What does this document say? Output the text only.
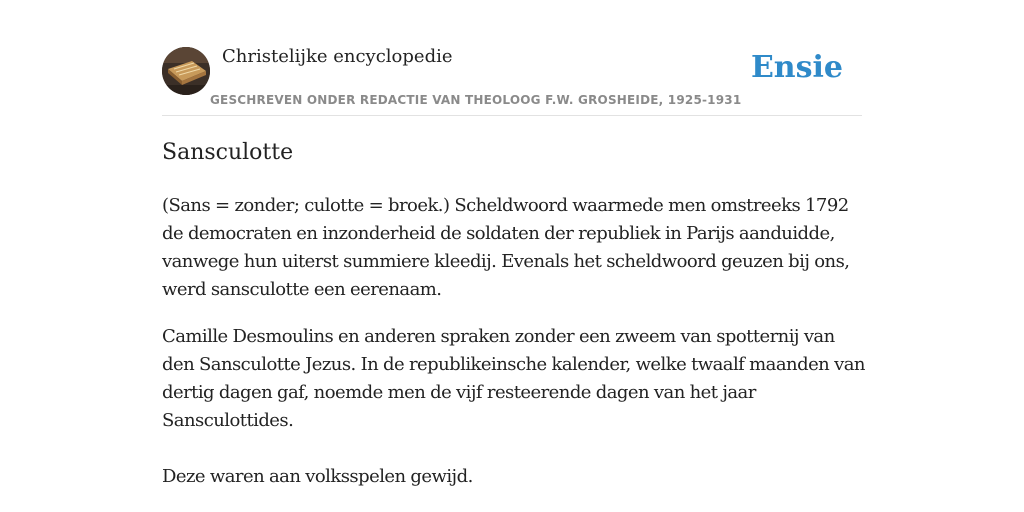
Christelijke encyclopedie
GESCHREVEN ONDER REDACTIE VAN THEOLOOG F.W. GROSHEIDE, 1925-1931
Ensie
Sansculotte

(Sans = zonder; culotte = broek.) Scheldwoord waarmede men omstreeks 1792 de democraten en inzonderheid de soldaten der republiek in Parijs aanduidde, vanwege hun uiterst summiere kleedij. Evenals het scheldwoord geuzen bij ons, werd sansculotte een eerenaam.

Camille Desmoulins en anderen spraken zonder een zweem van spotternij van den Sansculotte Jezus. In de republikeinsche kalender, welke twaalf maanden van dertig dagen gaf, noemde men de vijf resteerende dagen van het jaar Sansculottides.

Deze waren aan volksspelen gewijd.
